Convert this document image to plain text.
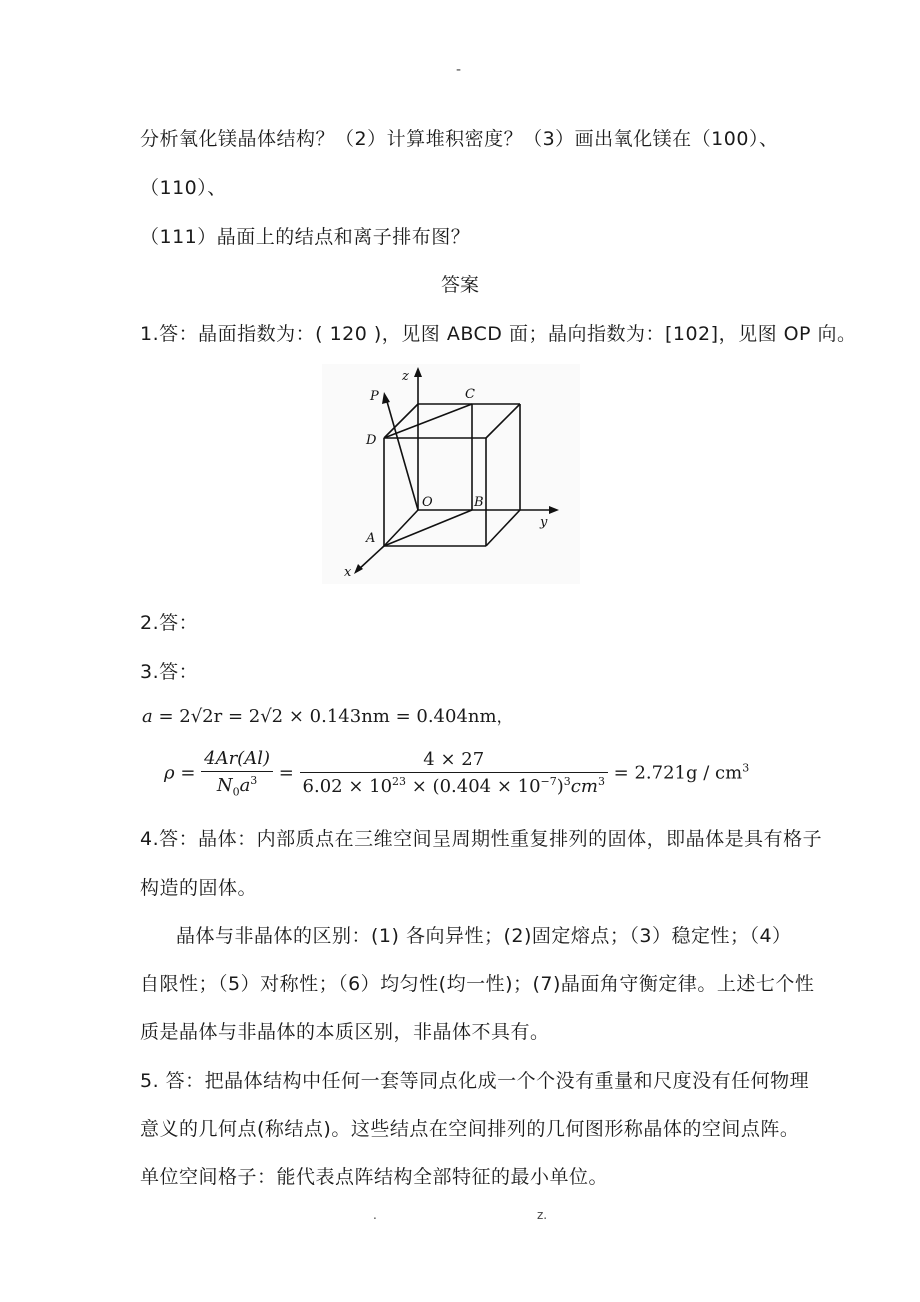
-
分析氧化镁晶体结构？（2）计算堆积密度？（3）画出氧化镁在（100）、
（110）、
（111）晶面上的结点和离子排布图？
答案
1.答：晶面指数为：( 120 )，见图 ABCD 面；晶向指数为：[102]，见图 OP 向。
z
y
x
P	C
D
O	B
A
2.答：
3.答：
a = 2√2r = 2√2 × 0.143nm = 0.404nm，
$\rho = \frac{4Ar(Al)}{N_0a^3} = \frac{4 \times 27}{6.02 \times 10^{23} \times (0.404 \times 10^{-7})^3cm^3} = 2.721g / cm^3$
4.答：晶体：内部质点在三维空间呈周期性重复排列的固体，即晶体是具有格子
构造的固体。
晶体与非晶体的区别：(1) 各向异性；(2)固定熔点；（3）稳定性；（4）
自限性；（5）对称性；（6）均匀性(均一性)；(7)晶面角守衡定律。上述七个性
质是晶体与非晶体的本质区别，非晶体不具有。
5. 答：把晶体结构中任何一套等同点化成一个个没有重量和尺度没有任何物理
意义的几何点(称结点)。这些结点在空间排列的几何图形称晶体的空间点阵。
单位空间格子：能代表点阵结构全部特征的最小单位。
.	z.
